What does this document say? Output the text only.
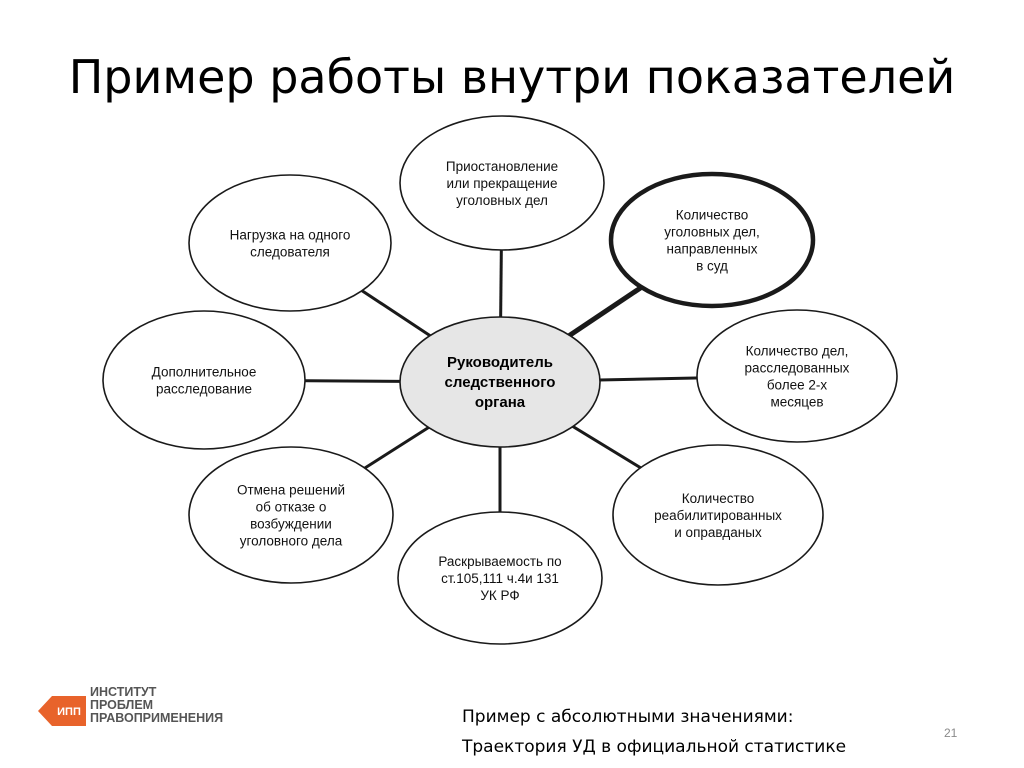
Пример работы внутри показателей
Приостановление
или прекращение
уголовных дел
Количество
уголовных дел,
направленных
в суд
Количество дел,
расследованных
более 2-х
месяцев
Количество
реабилитированных
и оправданых
Раскрываемость по
ст.105,111 ч.4и 131
УК РФ
Отмена решений
об отказе о
возбуждении
уголовного дела
Дополнительное
расследование
Нагрузка на одного
следователя
Руководитель
следственного
органа
ИПП
ИНСТИТУТ
ПРОБЛЕМ
ПРАВОПРИМЕНЕНИЯ	Пример с абсолютными значениями:
Траектория УД в официальной статистике
21
